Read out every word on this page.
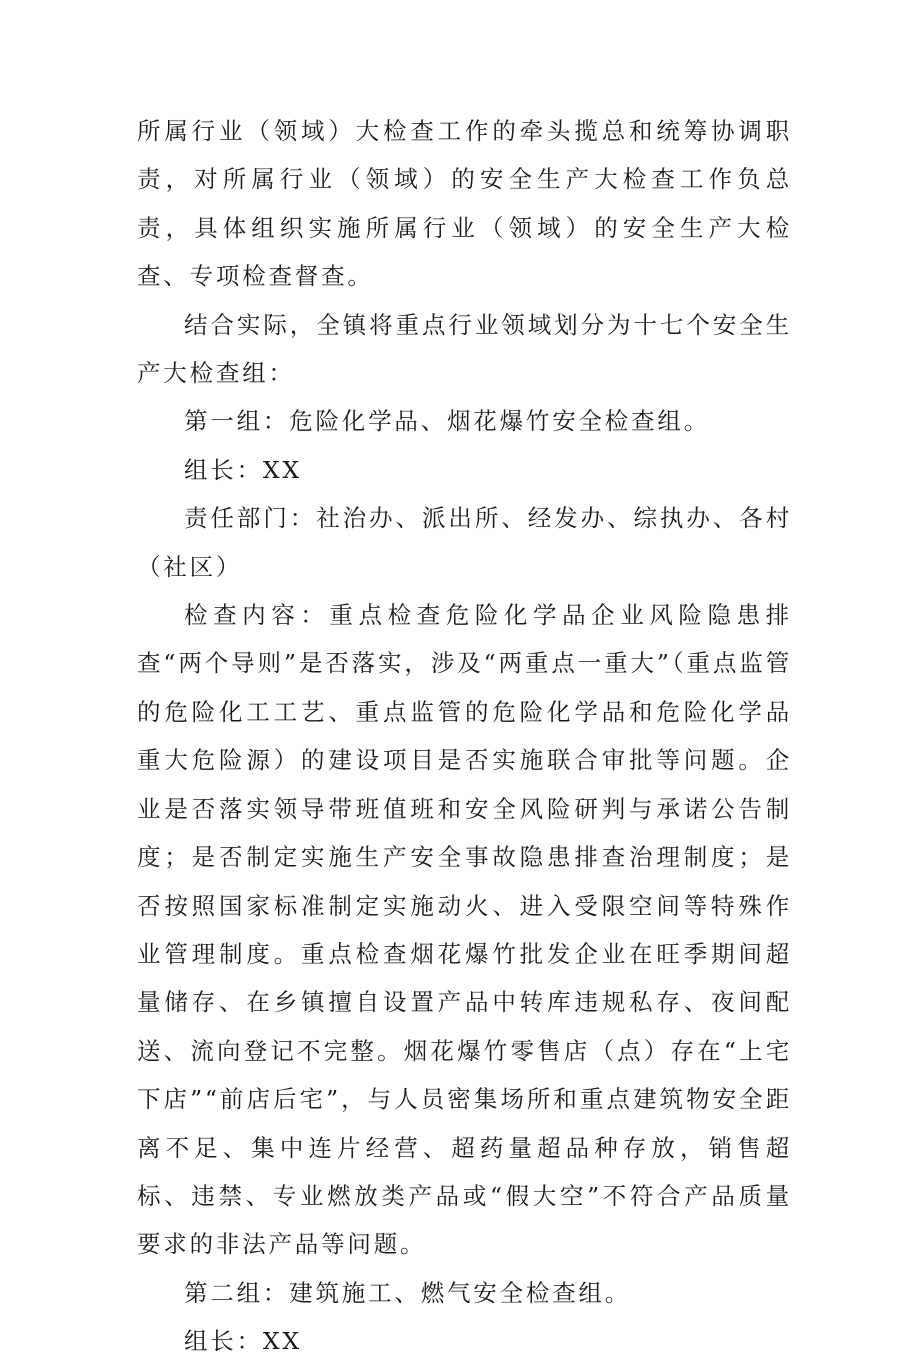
所属行业（领域）大检查工作的牵头揽总和统筹协调职责，对所属行业（领域）的安全生产大检查工作负总责，具体组织实施所属行业（领域）的安全生产大检查、专项检查督查。

结合实际，全镇将重点行业领域划分为十七个安全生产大检查组：

第一组：危险化学品、烟花爆竹安全检查组。

组长：XX

责任部门：社治办、派出所、经发办、综执办、各村（社区）

检查内容：重点检查危险化学品企业风险隐患排查“两个导则”是否落实，涉及“两重点一重大”（重点监管的危险化工工艺、重点监管的危险化学品和危险化学品重大危险源）的建设项目是否实施联合审批等问题。企业是否落实领导带班值班和安全风险研判与承诺公告制度；是否制定实施生产安全事故隐患排查治理制度；是否按照国家标准制定实施动火、进入受限空间等特殊作业管理制度。重点检查烟花爆竹批发企业在旺季期间超量储存、在乡镇擅自设置产品中转库违规私存、夜间配送、流向登记不完整。烟花爆竹零售店（点）存在“上宅下店”“前店后宅”，与人员密集场所和重点建筑物安全距离不足、集中连片经营、超药量超品种存放，销售超标、违禁、专业燃放类产品或“假大空”不符合产品质量要求的非法产品等问题。

第二组：建筑施工、燃气安全检查组。

组长：XX
